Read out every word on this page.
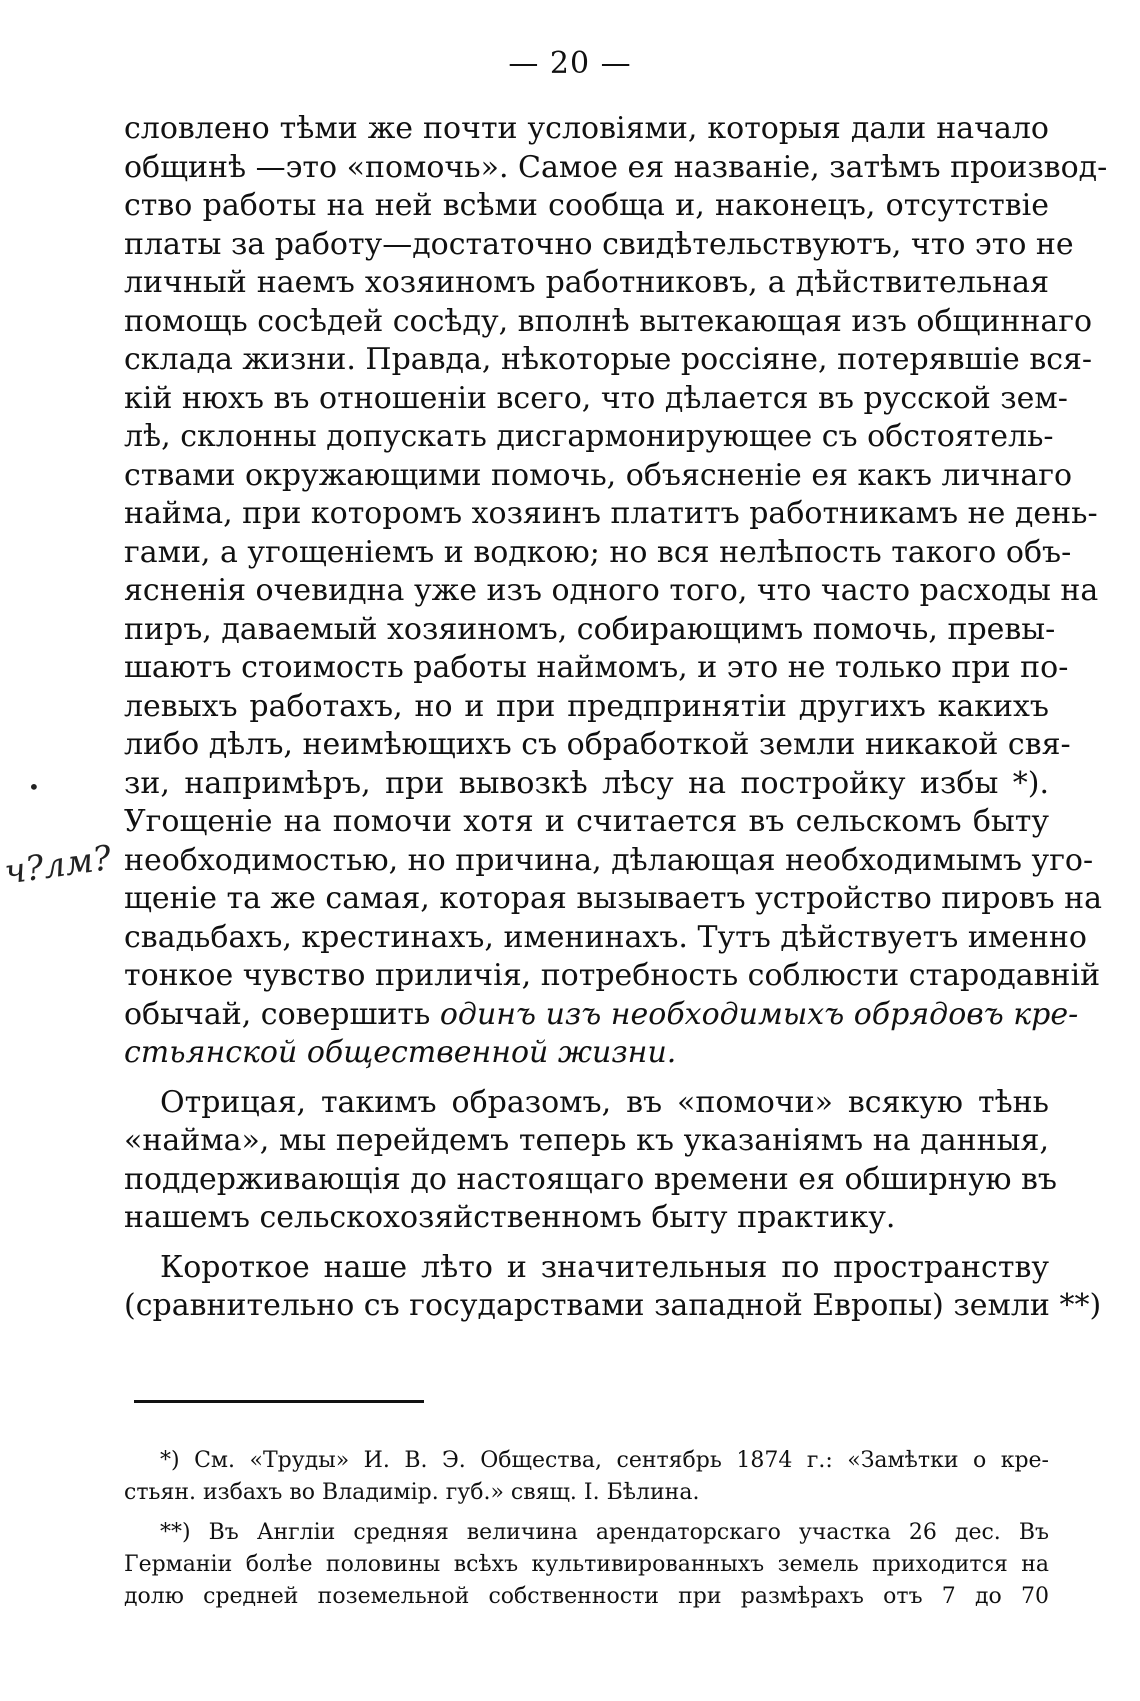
— 20 —
словлено тѣми же почти условіями, которыя дали начало
общинѣ —это «помочь». Самое ея названіе, затѣмъ производ-
ство работы на ней всѣми сообща и, наконецъ, отсутствіе
платы за работу—достаточно свидѣтельствуютъ, что это не
личный наемъ хозяиномъ работниковъ, а дѣйствительная
помощь сосѣдей сосѣду, вполнѣ вытекающая изъ общиннаго
склада жизни. Правда, нѣкоторые россіяне, потерявшіе вся-
кій нюхъ въ отношеніи всего, что дѣлается въ русской зем-
лѣ, склонны допускать дисгармонирующее съ обстоятель-
ствами окружающими помочь, объясненіе ея какъ личнаго
найма, при которомъ хозяинъ платитъ работникамъ не день-
гами, а угощеніемъ и водкою; но вся нелѣпость такого объ-
ясненія очевидна уже изъ одного того, что часто расходы на
пиръ, даваемый хозяиномъ, собирающимъ помочь, превы-
шаютъ стоимость работы наймомъ, и это не только при по-
левыхъ работахъ, но и при предпринятіи другихъ какихъ
либо дѣлъ, неимѣющихъ съ обработкой земли никакой свя-
зи, напримѣръ, при вывозкѣ лѣсу на постройку избы *).
Угощеніе на помочи хотя и считается въ сельскомъ быту
необходимостью, но причина, дѣлающая необходимымъ уго-
щеніе та же самая, которая вызываетъ устройство пировъ на
свадьбахъ, крестинахъ, именинахъ. Тутъ дѣйствуетъ именно
тонкое чувство приличія, потребность соблюсти стародавній
обычай, совершить одинъ изъ необходимыхъ обрядовъ кре-
стьянской общественной жизни.
Отрицая, такимъ образомъ, въ «помочи» всякую тѣнь
«найма», мы перейдемъ теперь къ указаніямъ на данныя,
поддерживающія до настоящаго времени ея обширную въ
нашемъ сельскохозяйственномъ быту практику.
Короткое наше лѣто и значительныя по пространству
(сравнительно съ государствами западной Европы) земли **)
•
ч?лм?
*) См. «Труды» И. В. Э. Общества, сентябрь 1874 г.: «Замѣтки о кре-
стьян. избахъ во Владимір. губ.» свящ. І. Бѣлина.
**) Въ Англіи средняя величина арендаторскаго участка 26 дес. Въ
Германіи болѣе половины всѣхъ культивированныхъ земель приходится на
долю средней поземельной собственности при размѣрахъ отъ 7 до 70
